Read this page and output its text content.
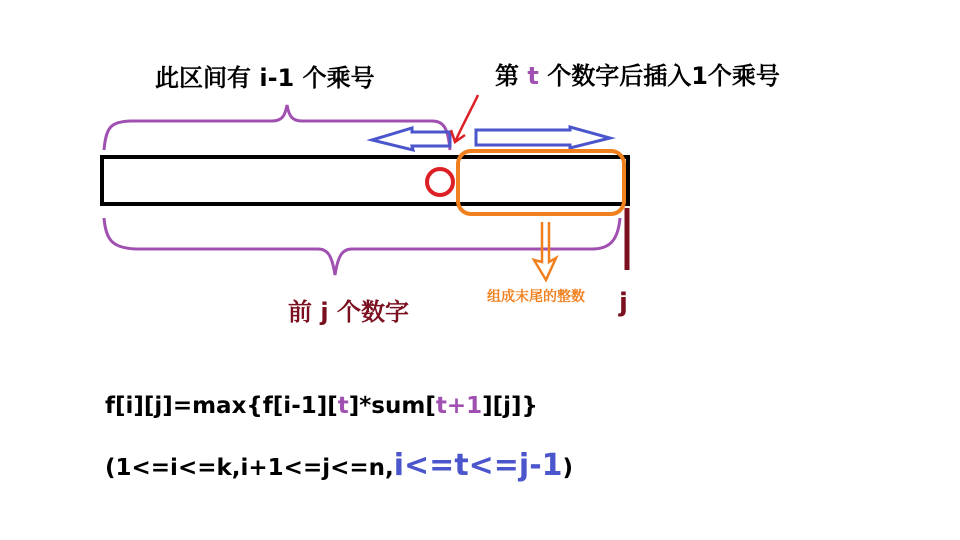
此区间有 i-1 个乘号	第 t 个数字后插入1个乘号
前 j 个数字
组成末尾的整数 j
f[i][j]=max{f[i-1][t]*sum[t+1][j]}
(1<=i<=k,i+1<=j<=n,i<=t<=j-1)
